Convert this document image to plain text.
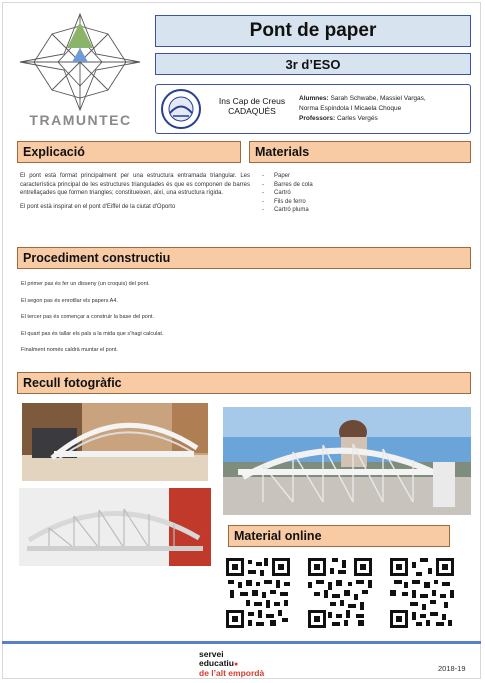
TRAMUNTEC
Pont de paper
3r d’ESO
Ins Cap de Creus
CADAQUÉS
Alumnes: Sarah Schwabe, Massiel Vargas,
Norma Espindola I Micaela Choque
Professors: Carles Vergés
Explicació

El pont està format principalment per una estructura entramada triangular. Les característica principal de les estructures triangulades és que es componen de barres entrellaçades que formen triangles; constitueixen, així, una estructura rígida.

El pont està inspirat en el pont d'Eiffel de la ciutat d'Oporto

Materials
- Paper
- Barres de cola
- Cartró
- Fils de ferro
- Cartró pluma
Procediment constructiu
El primer pas és fer un disseny (un croquis) del pont.
El segon pas és enrotllar els papers A4.
El tercer pas és començar a construir la base del pont.
El quart pas és tallar els pals a la mida que s’hagi calculat.
Finalment només caldrà muntar el pont.
Recull fotogràfic
Material online
servei
educatiu●
de l’alt empordà	2018-19
